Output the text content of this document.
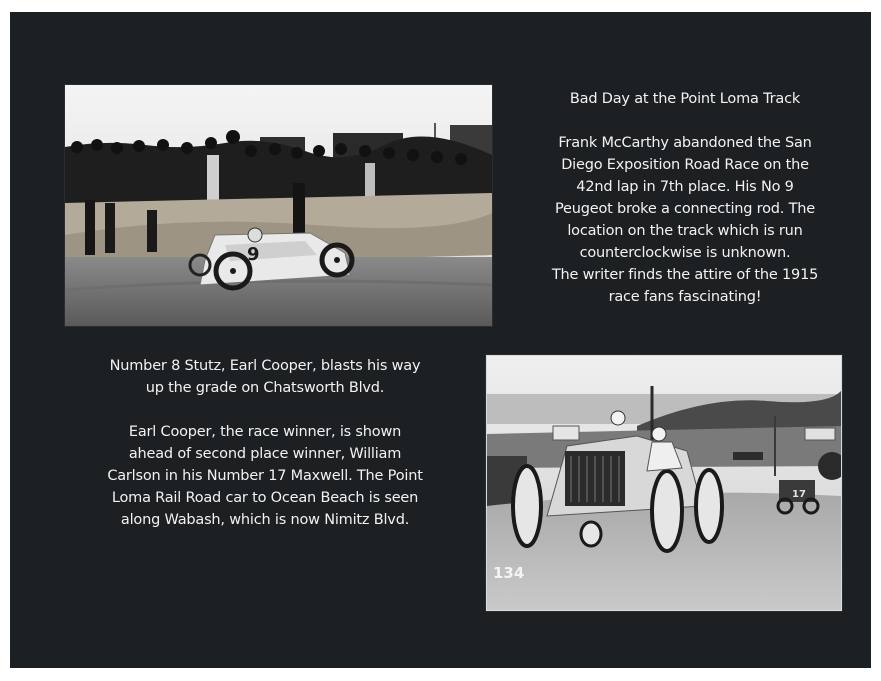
9
Bad Day at the Point Loma Track
Frank McCarthy abandoned the San
Diego Exposition Road Race on the
42nd lap in 7th place. His No 9
Peugeot broke a connecting rod. The
location on the track which is run
counterclockwise is unknown.
The writer finds the attire of the 1915
race fans fascinating!
Number 8 Stutz, Earl Cooper, blasts his way
up the grade on Chatsworth Blvd.
Earl Cooper, the race winner, is shown
ahead of second place winner, William
Carlson in his Number 17 Maxwell. The Point
Loma Rail Road car to Ocean Beach is seen
along Wabash, which is now Nimitz Blvd.
17
134
